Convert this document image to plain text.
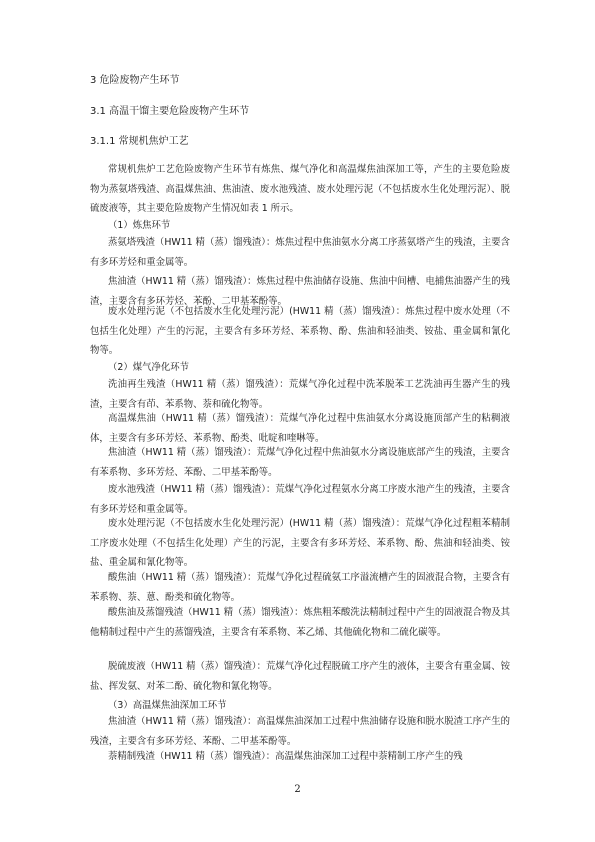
3 危险废物产生环节
3.1 高温干馏主要危险废物产生环节
3.1.1 常规机焦炉工艺

常规机焦炉工艺危险废物产生环节有炼焦、煤气净化和高温煤焦油深加工等，产生的主要危险废物为蒸氨塔残渣、高温煤焦油、焦油渣、废水池残渣、废水处理污泥（不包括废水生化处理污泥）、脱硫废液等，其主要危险废物产生情况如表 1 所示。

（1）炼焦环节

蒸氨塔残渣（HW11 精（蒸）馏残渣）：炼焦过程中焦油氨水分离工序蒸氨塔产生的残渣，主要含有多环芳烃和重金属等。

焦油渣（HW11 精（蒸）馏残渣）：炼焦过程中焦油储存设施、焦油中间槽、电捕焦油器产生的残渣，主要含有多环芳烃、苯酚、二甲基苯酚等。

废水处理污泥（不包括废水生化处理污泥）(HW11 精（蒸）馏残渣）：炼焦过程中废水处理（不包括生化处理）产生的污泥，主要含有多环芳烃、苯系物、酚、焦油和轻油类、铵盐、重金属和氰化物等。

（2）煤气净化环节

洗油再生残渣（HW11 精（蒸）馏残渣）：荒煤气净化过程中洗苯脱苯工艺洗油再生器产生的残渣，主要含有茚、苯系物、萘和硫化物等。

高温煤焦油（HW11 精（蒸）馏残渣）：荒煤气净化过程中焦油氨水分离设施顶部产生的粘稠液体，主要含有多环芳烃、苯系物、酚类、吡啶和喹啉等。

焦油渣（HW11 精（蒸）馏残渣）：荒煤气净化过程中焦油氨水分离设施底部产生的残渣，主要含有苯系物、多环芳烃、苯酚、二甲基苯酚等。

废水池残渣（HW11 精（蒸）馏残渣）：荒煤气净化过程氨水分离工序废水池产生的残渣，主要含有多环芳烃和重金属等。

废水处理污泥（不包括废水生化处理污泥）(HW11 精（蒸）馏残渣）：荒煤气净化过程粗苯精制工序废水处理（不包括生化处理）产生的污泥，主要含有多环芳烃、苯系物、酚、焦油和轻油类、铵盐、重金属和氰化物等。

酸焦油（HW11 精（蒸）馏残渣）：荒煤气净化过程硫氨工序溢流槽产生的固液混合物，主要含有苯系物、萘、蒽、酚类和硫化物等。

酸焦油及蒸馏残渣（HW11 精（蒸）馏残渣）：炼焦粗苯酸洗法精制过程中产生的固液混合物及其他精制过程中产生的蒸馏残渣，主要含有苯系物、苯乙烯、其他硫化物和二硫化碳等。

脱硫废液（HW11 精（蒸）馏残渣）：荒煤气净化过程脱硫工序产生的液体，主要含有重金属、铵盐、挥发氨、对苯二酚、硫化物和氰化物等。

（3）高温煤焦油深加工环节

焦油渣（HW11 精（蒸）馏残渣）：高温煤焦油深加工过程中焦油储存设施和脱水脱渣工序产生的残渣，主要含有多环芳烃、苯酚、二甲基苯酚等。

萘精制残渣（HW11 精（蒸）馏残渣）：高温煤焦油深加工过程中萘精制工序产生的残

2
